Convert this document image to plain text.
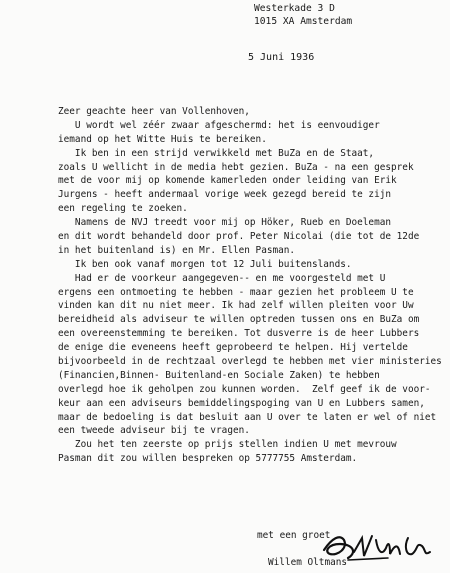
Westerkade 3 D
1015 XA Amsterdam
5 Juni 1936
Zeer geachte heer van Vollenhoven,
U wordt wel zéér zwaar afgeschermd: het is eenvoudiger
iemand op het Witte Huis te bereiken.
Ik ben in een strijd verwikkeld met BuZa en de Staat,
zoals U wellicht in de media hebt gezien. BuZa - na een gesprek
met de voor mij op komende kamerleden onder leiding van Erik
Jurgens - heeft andermaal vorige week gezegd bereid te zijn
een regeling te zoeken.
Namens de NVJ treedt voor mij op Höker, Rueb en Doeleman
en dit wordt behandeld door prof. Peter Nicolai (die tot de 12de
in het buitenland is) en Mr. Ellen Pasman.
Ik ben ook vanaf morgen tot 12 Juli buitenslands.
Had er de voorkeur aangegeven-- en me voorgesteld met U
ergens een ontmoeting te hebben - maar gezien het probleem U te
vinden kan dit nu niet meer. Ik had zelf willen pleiten voor Uw
bereidheid als adviseur te willen optreden tussen ons en BuZa om
een overeenstemming te bereiken. Tot dusverre is de heer Lubbers
de enige die eveneens heeft geprobeerd te helpen. Hij vertelde
bijvoorbeeld in de rechtzaal overlegd te hebben met vier ministeries
(Financien,Binnen- Buitenland-en Sociale Zaken) te hebben
overlegd hoe ik geholpen zou kunnen worden.  Zelf geef ik de voor-
keur aan een adviseurs bemiddelingspoging van U en Lubbers samen,
maar de bedoeling is dat besluit aan U over te laten er wel of niet
een tweede adviseur bij te vragen.
Zou het ten zeerste op prijs stellen indien U met mevrouw
Pasman dit zou willen bespreken op 5777755 Amsterdam.
met een groet
Willem Oltmans
